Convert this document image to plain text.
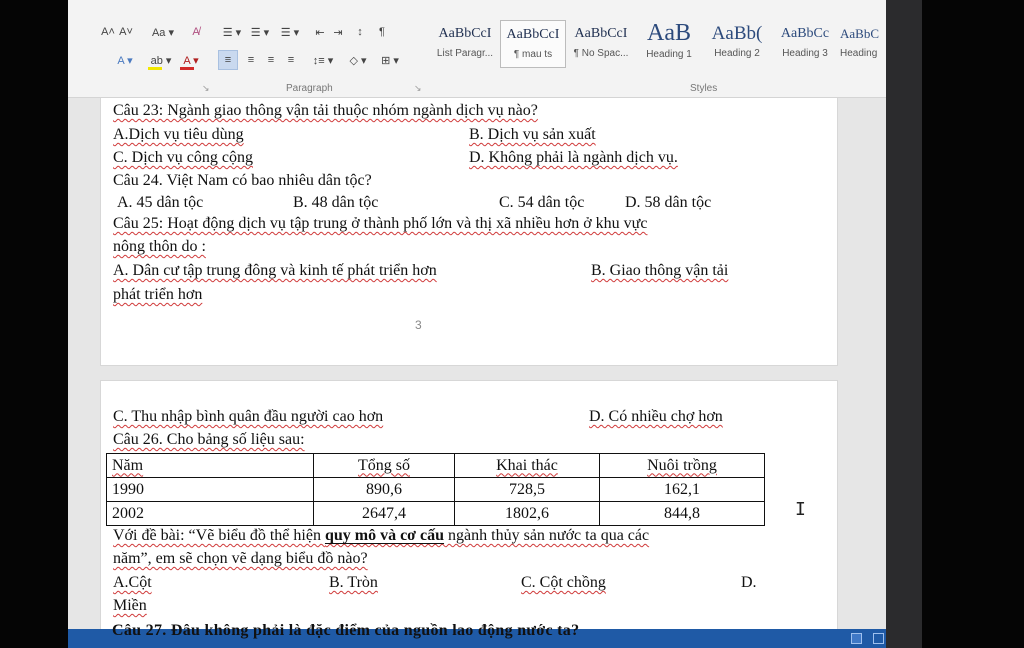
A˄ A˅	Aa ▾	A̸
A ▾	ab ▾	A ▾
☰ ▾ ☰ ▾	☰ ▾	⇤ ⇥	↕	¶
≡	≡	≡	≡	↕≡ ▾	◇ ▾	⊞ ▾
↘	Paragraph	↘	Styles
AaBbCcI
List Paragr...
AaBbCcI
¶ mau ts
AaBbCcI
¶ No Spac...
AaB
Heading 1
AaBb(
Heading 2
AaBbCc
Heading 3
AaBbC
Heading
Câu 23: Ngành giao thông vận tải thuộc nhóm ngành dịch vụ nào?
A.Dịch vụ tiêu dùng	B. Dịch vụ sản xuất
C. Dịch vụ công cộng	D. Không phải là ngành dịch vụ.
Câu 24. Việt Nam có bao nhiêu dân tộc?
A. 45 dân tộc	B. 48 dân tộc	C. 54 dân tộc	D. 58 dân tộc
Câu 25: Hoạt động dịch vụ tập trung ở thành phố lớn và thị xã nhiều hơn ở khu vực
nông thôn do :
A. Dân cư tập trung đông và kinh tế phát triển hơn	B. Giao thông vận tải
phát triển hơn
3
C. Thu nhập bình quân đầu người cao hơn	D. Có nhiều chợ hơn
Câu 26. Cho bảng số liệu sau:
Năm	Tổng số	Khai thác	Nuôi trồng
1990	890,6	728,5	162,1
2002	2647,4	1802,6	844,8
Với đề bài: “Vẽ biểu đồ thể hiện quy mô và cơ cấu ngành thủy sản nước ta qua các
năm”, em sẽ chọn vẽ dạng biểu đồ nào?
A.Cột	B. Tròn	C. Cột chồng	D.
Miền
I
Câu 27. Đâu không phải là đặc điểm của nguồn lao động nước ta?
